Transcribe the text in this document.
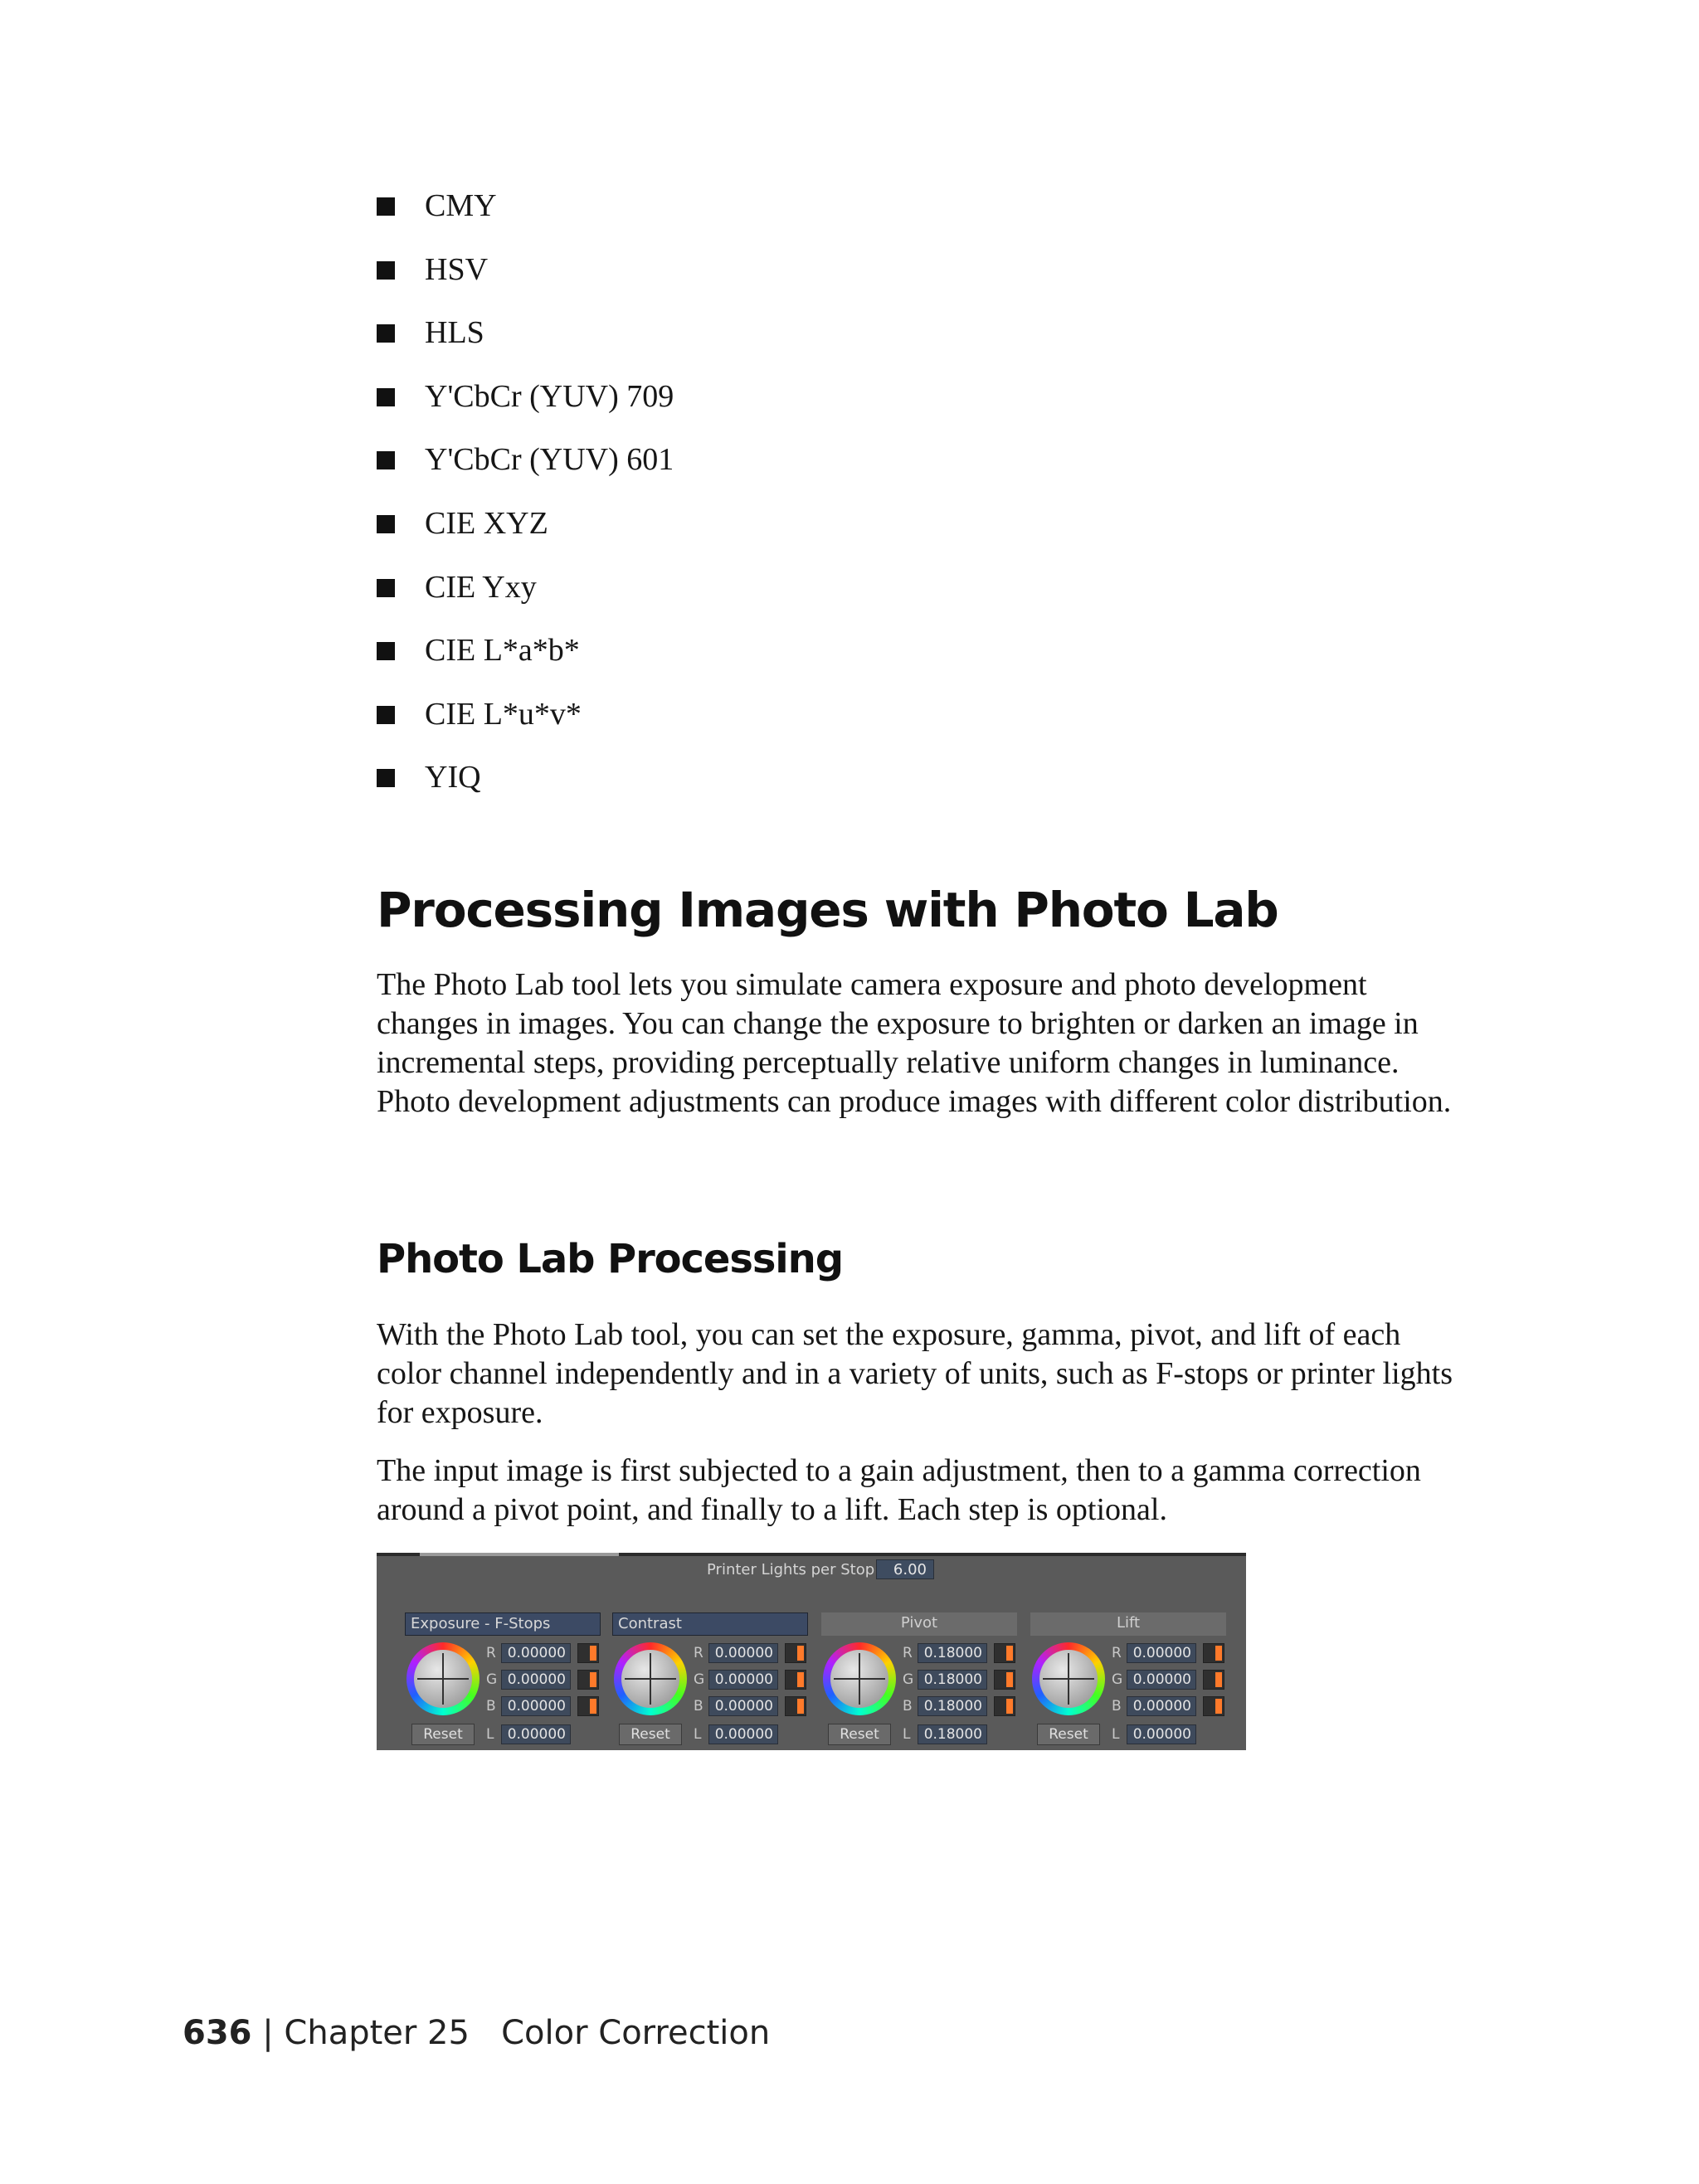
CMY
HSV
HLS
Y'CbCr (YUV) 709
Y'CbCr (YUV) 601
CIE XYZ
CIE Yxy
CIE L*a*b*
CIE L*u*v*
YIQ
Processing Images with Photo Lab

The Photo Lab tool lets you simulate camera exposure and photo development changes in images. You can change the exposure to brighten or darken an image in incremental steps, providing perceptually relative uniform changes in luminance. Photo development adjustments can produce images with different color distribution.

Photo Lab Processing

With the Photo Lab tool, you can set the exposure, gamma, pivot, and lift of each color channel independently and in a variety of units, such as F-stops or printer lights for exposure.

The input image is first subjected to a gain adjustment, then to a gamma correction around a pivot point, and finally to a lift. Each step is optional.

Printer Lights per Stop	6.00
Exposure - F-Stops
R 0.00000
G 0.00000
B 0.00000
L 0.00000
Reset
Contrast
R 0.00000
G 0.00000
B 0.00000
L 0.00000
Reset
Pivot
R 0.18000
G 0.18000
B 0.18000
L 0.18000
Reset
Lift
R 0.00000
G 0.00000
B 0.00000
L 0.00000
Reset
636 | Chapter 25 Color Correction
